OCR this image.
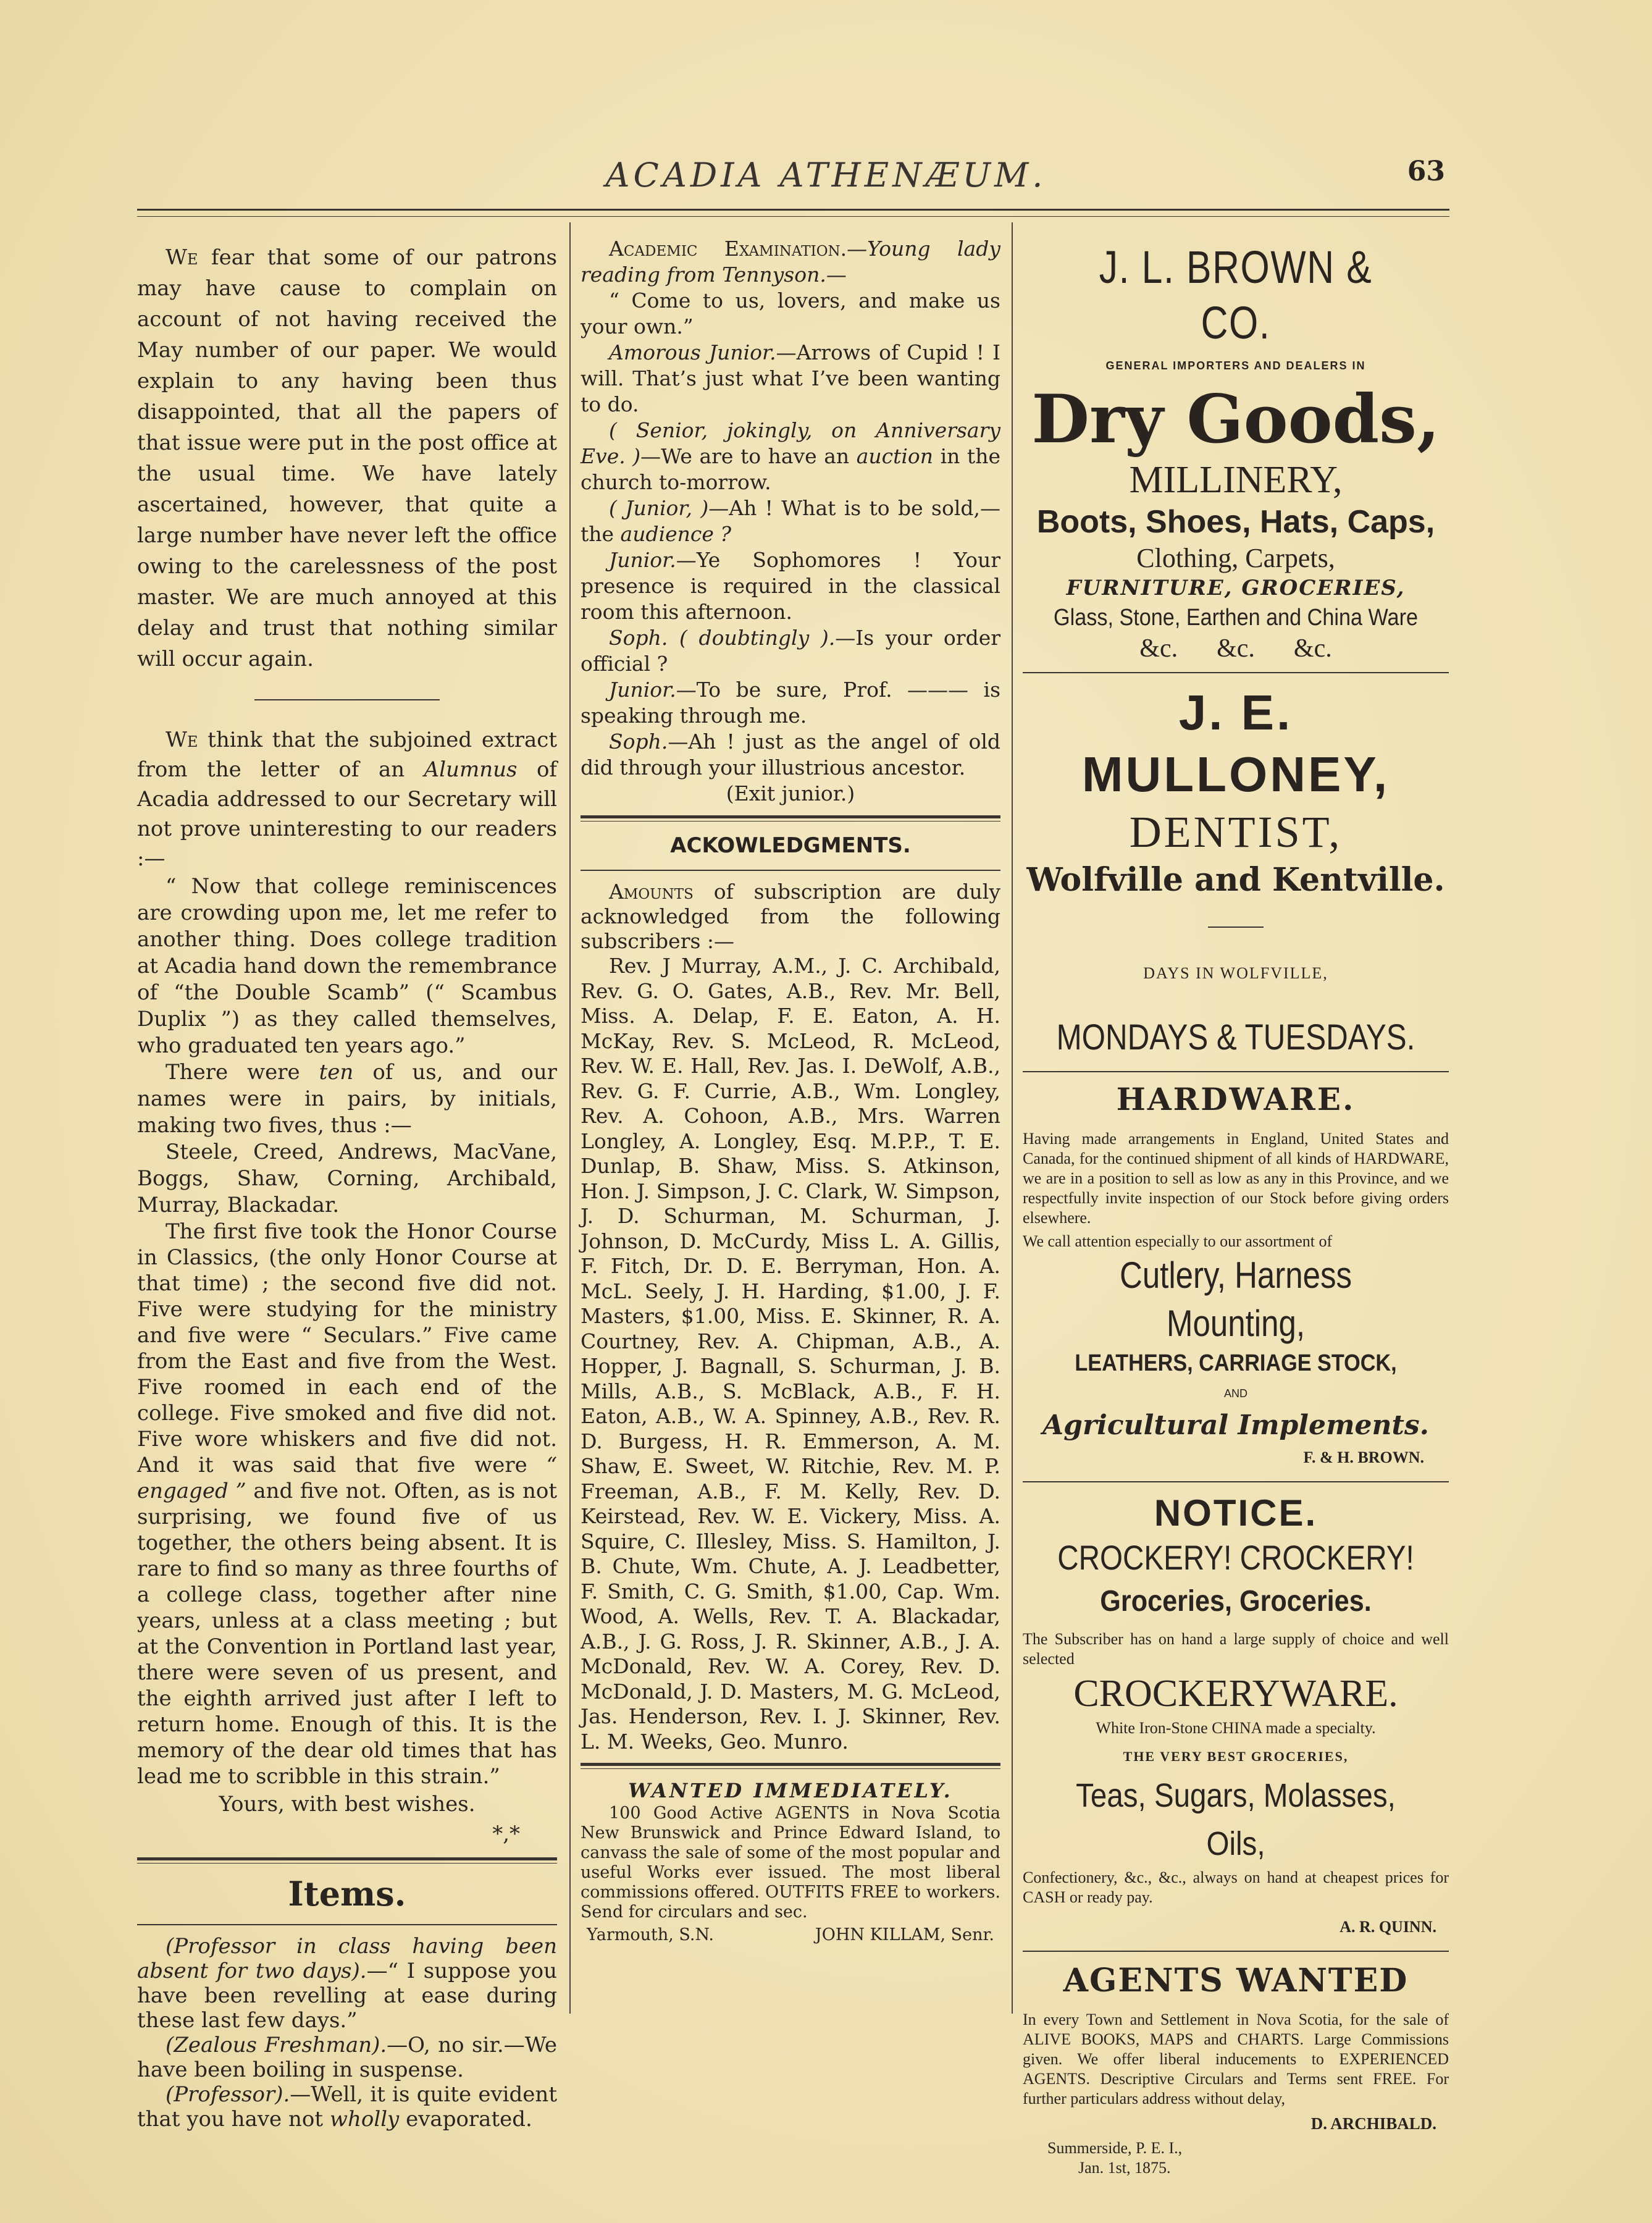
ACADIA ATHENÆUM.	63

We fear that some of our patrons may have cause to complain on account of not having received the May number of our paper. We would explain to any having been thus disappointed, that all the papers of that issue were put in the post office at the usual time. We have lately ascertained, however, that quite a large number have never left the office owing to the carelessness of the post master. We are much annoyed at this delay and trust that nothing similar will occur again.

We think that the subjoined extract from the letter of an Alumnus of Acadia addressed to our Secretary will not prove uninteresting to our readers :—

“ Now that college reminiscences are crowding upon me, let me refer to another thing. Does college tradition at Acadia hand down the remembrance of “the Double Scamb” (“ Scambus Duplix ”) as they called themselves, who graduated ten years ago.”

There were ten of us, and our names were in pairs, by initials, making two fives, thus :—

Steele, Creed, Andrews, MacVane, Boggs, Shaw, Corning, Archibald, Murray, Blackadar.

The first five took the Honor Course in Classics, (the only Honor Course at that time) ; the second five did not. Five were studying for the ministry and five were “ Seculars.” Five came from the East and five from the West. Five roomed in each end of the college. Five smoked and five did not. Five wore whiskers and five did not. And it was said that five were “ engaged ” and five not. Often, as is not surprising, we found five of us together, the others being absent. It is rare to find so many as three fourths of a college class, together after nine years, unless at a class meeting ; but at the Convention in Portland last year, there were seven of us present, and the eighth arrived just after I left to return home. Enough of this. It is the memory of the dear old times that has lead me to scribble in this strain.”

Yours, with best wishes.

*,*

Items.

(Professor in class having been absent for two days).—“ I suppose you have been revelling at ease during these last few days.”

(Zealous Freshman).—O, no sir.—We have been boiling in suspense.

(Professor).—Well, it is quite evident that you have not wholly evaporated.

Academic Examination.—Young lady reading from Tennyson.—

“ Come to us, lovers, and make us your own.”

Amorous Junior.—Arrows of Cupid ! I will. That’s just what I’ve been wanting to do.

( Senior, jokingly, on Anniversary Eve. )—We are to have an auction in the church to-morrow.

( Junior, )—Ah ! What is to be sold,— the audience ?

Junior.—Ye Sophomores ! Your presence is required in the classical room this afternoon.

Soph. ( doubtingly ).—Is your order official ?

Junior.—To be sure, Prof. ——— is speaking through me.

Soph.—Ah ! just as the angel of old did through your illustrious ancestor.

(Exit junior.)

ACKOWLEDGMENTS.

Amounts of subscription are duly acknowledged from the following subscribers :—

Rev. J Murray, A.M., J. C. Archibald, Rev. G. O. Gates, A.B., Rev. Mr. Bell, Miss. A. Delap, F. E. Eaton, A. H. McKay, Rev. S. McLeod, R. McLeod, Rev. W. E. Hall, Rev. Jas. I. DeWolf, A.B., Rev. G. F. Currie, A.B., Wm. Longley, Rev. A. Cohoon, A.B., Mrs. Warren Longley, A. Longley, Esq. M.P.P., T. E. Dunlap, B. Shaw, Miss. S. Atkinson, Hon. J. Simpson, J. C. Clark, W. Simpson, J. D. Schurman, M. Schurman, J. Johnson, D. McCurdy, Miss L. A. Gillis, F. Fitch, Dr. D. E. Berryman, Hon. A. McL. Seely, J. H. Harding, $1.00, J. F. Masters, $1.00, Miss. E. Skinner, R. A. Courtney, Rev. A. Chipman, A.B., A. Hopper, J. Bagnall, S. Schurman, J. B. Mills, A.B., S. McBlack, A.B., F. H. Eaton, A.B., W. A. Spinney, A.B., Rev. R. D. Burgess, H. R. Emmerson, A. M. Shaw, E. Sweet, W. Ritchie, Rev. M. P. Freeman, A.B., F. M. Kelly, Rev. D. Keirstead, Rev. W. E. Vickery, Miss. A. Squire, C. Illesley, Miss. S. Hamilton, J. B. Chute, Wm. Chute, A. J. Leadbetter, F. Smith, C. G. Smith, $1.00, Cap. Wm. Wood, A. Wells, Rev. T. A. Blackadar, A.B., J. G. Ross, J. R. Skinner, A.B., J. A. McDonald, Rev. W. A. Corey, Rev. D. McDonald, J. D. Masters, M. G. McLeod, Jas. Henderson, Rev. I. J. Skinner, Rev. L. M. Weeks, Geo. Munro.

WANTED IMMEDIATELY.

100 Good Active AGENTS in Nova Scotia New Brunswick and Prince Edward Island, to canvass the sale of some of the most popular and useful Works ever issued. The most liberal commissions offered. OUTFITS FREE to workers. Send for circulars and sec.

Yarmouth, S.N.	JOHN KILLAM, Senr.

J. L. BROWN & CO.
GENERAL IMPORTERS AND DEALERS IN
Dry Goods,
MILLINERY,
Boots, Shoes, Hats, Caps,
Clothing, Carpets,
FURNITURE, GROCERIES,
Glass, Stone, Earthen and China Ware
&c.      &c.      &c.
J. E. MULLONEY,
DENTIST,
Wolfville and Kentville.
DAYS IN WOLFVILLE,
MONDAYS & TUESDAYS.
HARDWARE.
Having made arrangements in England, United States and Canada, for the continued shipment of all kinds of HARDWARE, we are in a position to sell as low as any in this Province, and we respectfully invite inspection of our Stock before giving orders elsewhere.
We call attention especially to our assortment of
Cutlery, Harness Mounting,
LEATHERS, CARRIAGE STOCK,
AND
Agricultural Implements.
F. & H. BROWN.
NOTICE.
CROCKERY! CROCKERY!
Groceries, Groceries.
The Subscriber has on hand a large supply of choice and well selected
CROCKERYWARE.
White Iron-Stone CHINA made a specialty.
THE VERY BEST GROCERIES,
Teas, Sugars, Molasses, Oils,
Confectionery, &c., &c., always on hand at cheapest prices for CASH or ready pay.
A. R. QUINN.
AGENTS WANTED
In every Town and Settlement in Nova Scotia, for the sale of ALIVE BOOKS, MAPS and CHARTS. Large Commissions given. We offer liberal inducements to EXPERIENCED AGENTS. Descriptive Circulars and Terms sent FREE. For further particulars address without delay,
D. ARCHIBALD.
Summerside, P. E. I.,
Jan. 1st, 1875.
